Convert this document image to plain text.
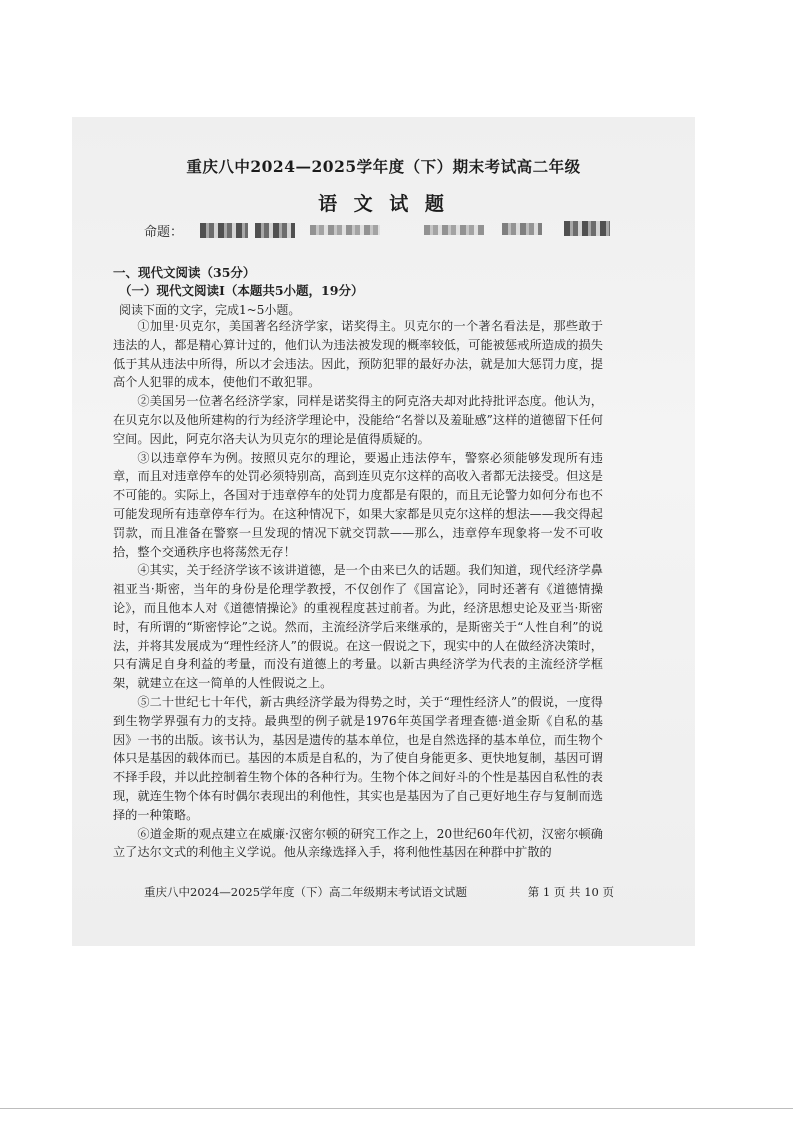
重庆八中2024—2025学年度（下）期末考试高二年级
语 文 试 题
命题：
一、现代文阅读（35分）
（一）现代文阅读Ⅰ（本题共5小题，19分）
阅读下面的文字，完成1~5小题。

①加里·贝克尔，美国著名经济学家，诺奖得主。贝克尔的一个著名看法是，那些敢于违法的人，都是精心算计过的，他们认为违法被发现的概率较低，可能被惩戒所造成的损失低于其从违法中所得，所以才会违法。因此，预防犯罪的最好办法，就是加大惩罚力度，提高个人犯罪的成本，使他们不敢犯罪。

②美国另一位著名经济学家，同样是诺奖得主的阿克洛夫却对此持批评态度。他认为，在贝克尔以及他所建构的行为经济学理论中，没能给“名誉以及羞耻感”这样的道德留下任何空间。因此，阿克尔洛夫认为贝克尔的理论是值得质疑的。

③以违章停车为例。按照贝克尔的理论，要遏止违法停车，警察必须能够发现所有违章，而且对违章停车的处罚必须特别高，高到连贝克尔这样的高收入者都无法接受。但这是不可能的。实际上，各国对于违章停车的处罚力度都是有限的，而且无论警力如何分布也不可能发现所有违章停车行为。在这种情况下，如果大家都是贝克尔这样的想法——我交得起罚款，而且准备在警察一旦发现的情况下就交罚款——那么，违章停车现象将一发不可收拾，整个交通秩序也将荡然无存！

④其实，关于经济学该不该讲道德，是一个由来已久的话题。我们知道，现代经济学鼻祖亚当·斯密，当年的身份是伦理学教授，不仅创作了《国富论》，同时还著有《道德情操论》，而且他本人对《道德情操论》的重视程度甚过前者。为此，经济思想史论及亚当·斯密时，有所谓的“斯密悖论”之说。然而，主流经济学后来继承的，是斯密关于“人性自利”的说法，并将其发展成为“理性经济人”的假说。在这一假说之下，现实中的人在做经济决策时，只有满足自身利益的考量，而没有道德上的考量。以新古典经济学为代表的主流经济学框架，就建立在这一简单的人性假说之上。

⑤二十世纪七十年代，新古典经济学最为得势之时，关于“理性经济人”的假说，一度得到生物学界强有力的支持。最典型的例子就是1976年英国学者理查德·道金斯《自私的基因》一书的出版。该书认为，基因是遗传的基本单位，也是自然选择的基本单位，而生物个体只是基因的载体而已。基因的本质是自私的，为了使自身能更多、更快地复制，基因可谓不择手段，并以此控制着生物个体的各种行为。生物个体之间好斗的个性是基因自私性的表现，就连生物个体有时偶尔表现出的利他性，其实也是基因为了自己更好地生存与复制而选择的一种策略。

⑥道金斯的观点建立在威廉·汉密尔顿的研究工作之上，20世纪60年代初，汉密尔顿确立了达尔文式的利他主义学说。他从亲缘选择入手，将利他性基因在种群中扩散的

重庆八中2024—2025学年度（下）高二年级期末考试语文试题	第 1 页 共 10 页
